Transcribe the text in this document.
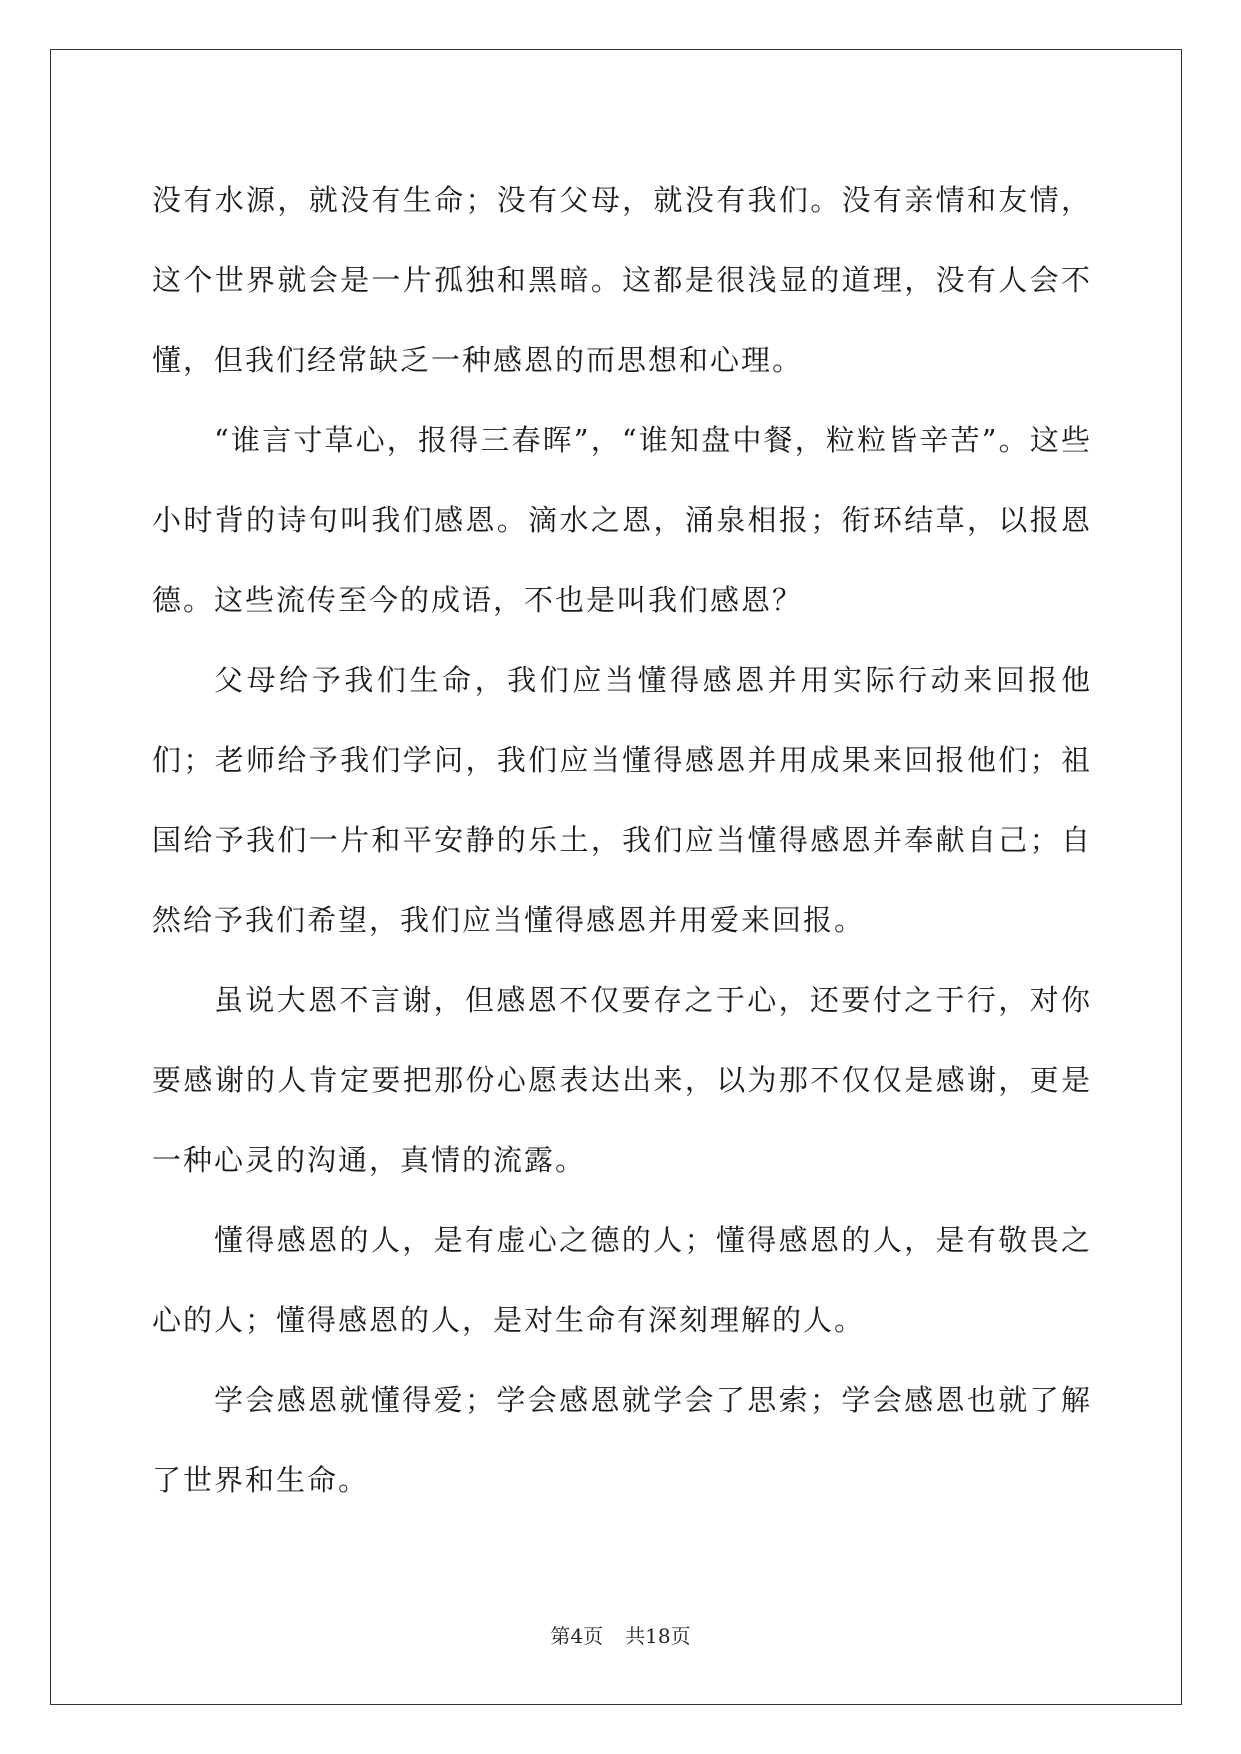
没有水源，就没有生命；没有父母，就没有我们。没有亲情和友情，这个世界就会是一片孤独和黑暗。这都是很浅显的道理，没有人会不懂，但我们经常缺乏一种感恩的而思想和心理。

“谁言寸草心，报得三春晖”，“谁知盘中餐，粒粒皆辛苦”。这些小时背的诗句叫我们感恩。滴水之恩，涌泉相报；衔环结草，以报恩德。这些流传至今的成语，不也是叫我们感恩？

父母给予我们生命，我们应当懂得感恩并用实际行动来回报他们；老师给予我们学问，我们应当懂得感恩并用成果来回报他们；祖国给予我们一片和平安静的乐土，我们应当懂得感恩并奉献自己；自然给予我们希望，我们应当懂得感恩并用爱来回报。

虽说大恩不言谢，但感恩不仅要存之于心，还要付之于行，对你要感谢的人肯定要把那份心愿表达出来，以为那不仅仅是感谢，更是一种心灵的沟通，真情的流露。

懂得感恩的人，是有虚心之德的人；懂得感恩的人，是有敬畏之心的人；懂得感恩的人，是对生命有深刻理解的人。

学会感恩就懂得爱；学会感恩就学会了思索；学会感恩也就了解了世界和生命。

第4页 共18页
